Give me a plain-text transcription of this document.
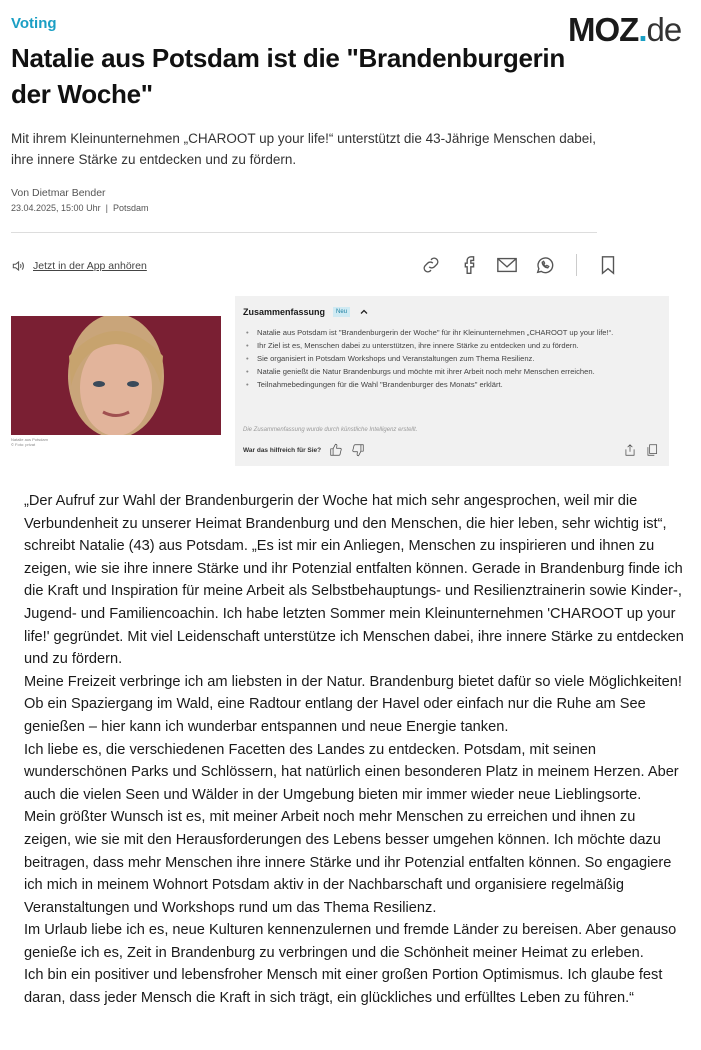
Voting	MOZ.de
Natalie aus Potsdam ist die "Brandenburgerin der Woche"

Mit ihrem Kleinunternehmen „CHAROOT up your life!“ unterstützt die 43-Jährige Menschen dabei, ihre innere Stärke zu entdecken und zu fördern.

Von Dietmar Bender
23.04.2025, 15:00 Uhr | Potsdam
Jetzt in der App anhören
Natalie aus Potsdam
© Foto: privat
Zusammenfassung	Neu
• Natalie aus Potsdam ist "Brandenburgerin der Woche" für ihr Kleinunternehmen „CHAROOT up your life!“.
• Ihr Ziel ist es, Menschen dabei zu unterstützen, ihre innere Stärke zu entdecken und zu fördern.
• Sie organisiert in Potsdam Workshops und Veranstaltungen zum Thema Resilienz.
• Natalie genießt die Natur Brandenburgs und möchte mit ihrer Arbeit noch mehr Menschen erreichen.
• Teilnahmebedingungen für die Wahl "Brandenburger des Monats" erklärt.
Die Zusammenfassung wurde durch künstliche Intelligenz erstellt.
War das hilfreich für Sie?

„Der Aufruf zur Wahl der Brandenburgerin der Woche hat mich sehr angesprochen, weil mir die Verbundenheit zu unserer Heimat Brandenburg und den Menschen, die hier leben, sehr wichtig ist“, schreibt Natalie (43) aus Potsdam. „Es ist mir ein Anliegen, Menschen zu inspirieren und ihnen zu zeigen, wie sie ihre innere Stärke und ihr Potenzial entfalten können. Gerade in Brandenburg finde ich die Kraft und Inspiration für meine Arbeit als Selbstbehauptungs- und Resilienztrainerin sowie Kinder-, Jugend- und Familiencoachin. Ich habe letzten Sommer mein Kleinunternehmen 'CHAROOT up your life!' gegründet. Mit viel Leidenschaft unterstütze ich Menschen dabei, ihre innere Stärke zu entdecken und zu fördern.

Meine Freizeit verbringe ich am liebsten in der Natur. Brandenburg bietet dafür so viele Möglichkeiten! Ob ein Spaziergang im Wald, eine Radtour entlang der Havel oder einfach nur die Ruhe am See genießen – hier kann ich wunderbar entspannen und neue Energie tanken.

Ich liebe es, die verschiedenen Facetten des Landes zu entdecken. Potsdam, mit seinen wunderschönen Parks und Schlössern, hat natürlich einen besonderen Platz in meinem Herzen. Aber auch die vielen Seen und Wälder in der Umgebung bieten mir immer wieder neue Lieblingsorte.

Mein größter Wunsch ist es, mit meiner Arbeit noch mehr Menschen zu erreichen und ihnen zu zeigen, wie sie mit den Herausforderungen des Lebens besser umgehen können. Ich möchte dazu beitragen, dass mehr Menschen ihre innere Stärke und ihr Potenzial entfalten können. So engagiere ich mich in meinem Wohnort Potsdam aktiv in der Nachbarschaft und organisiere regelmäßig Veranstaltungen und Workshops rund um das Thema Resilienz.

Im Urlaub liebe ich es, neue Kulturen kennenzulernen und fremde Länder zu bereisen. Aber genauso genieße ich es, Zeit in Brandenburg zu verbringen und die Schönheit meiner Heimat zu erleben.

Ich bin ein positiver und lebensfroher Mensch mit einer großen Portion Optimismus. Ich glaube fest daran, dass jeder Mensch die Kraft in sich trägt, ein glückliches und erfülltes Leben zu führen.“
